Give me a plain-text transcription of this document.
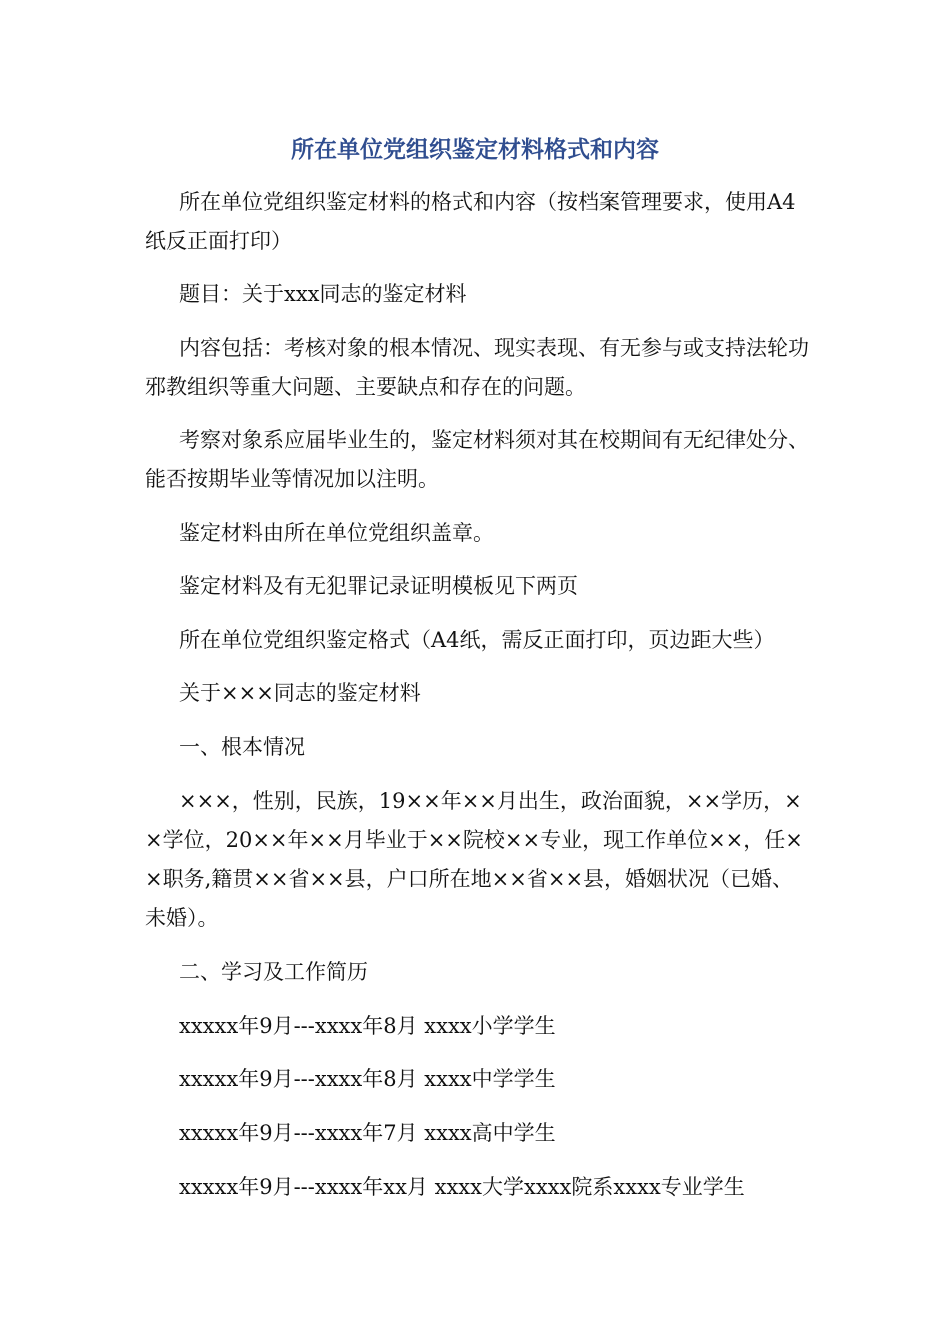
所在单位党组织鉴定材料格式和内容

所在单位党组织鉴定材料的格式和内容（按档案管理要求，使用A4纸反正面打印）

题目：关于xxx同志的鉴定材料

内容包括：考核对象的根本情况、现实表现、有无参与或支持法轮功邪教组织等重大问题、主要缺点和存在的问题。

考察对象系应届毕业生的，鉴定材料须对其在校期间有无纪律处分、能否按期毕业等情况加以注明。

鉴定材料由所在单位党组织盖章。

鉴定材料及有无犯罪记录证明模板见下两页

所在单位党组织鉴定格式（A4纸，需反正面打印，页边距大些）

关于×××同志的鉴定材料

一、根本情况

×××，性别，民族，19××年××月出生，政治面貌，××学历，××学位，20××年××月毕业于××院校××专业，现工作单位××，任××职务,籍贯××省××县，户口所在地××省××县，婚姻状况（已婚、未婚）。

二、学习及工作简历

xxxxx年9月---xxxx年8月 xxxx小学学生

xxxxx年9月---xxxx年8月 xxxx中学学生

xxxxx年9月---xxxx年7月 xxxx高中学生

xxxxx年9月---xxxx年xx月 xxxx大学xxxx院系xxxx专业学生
